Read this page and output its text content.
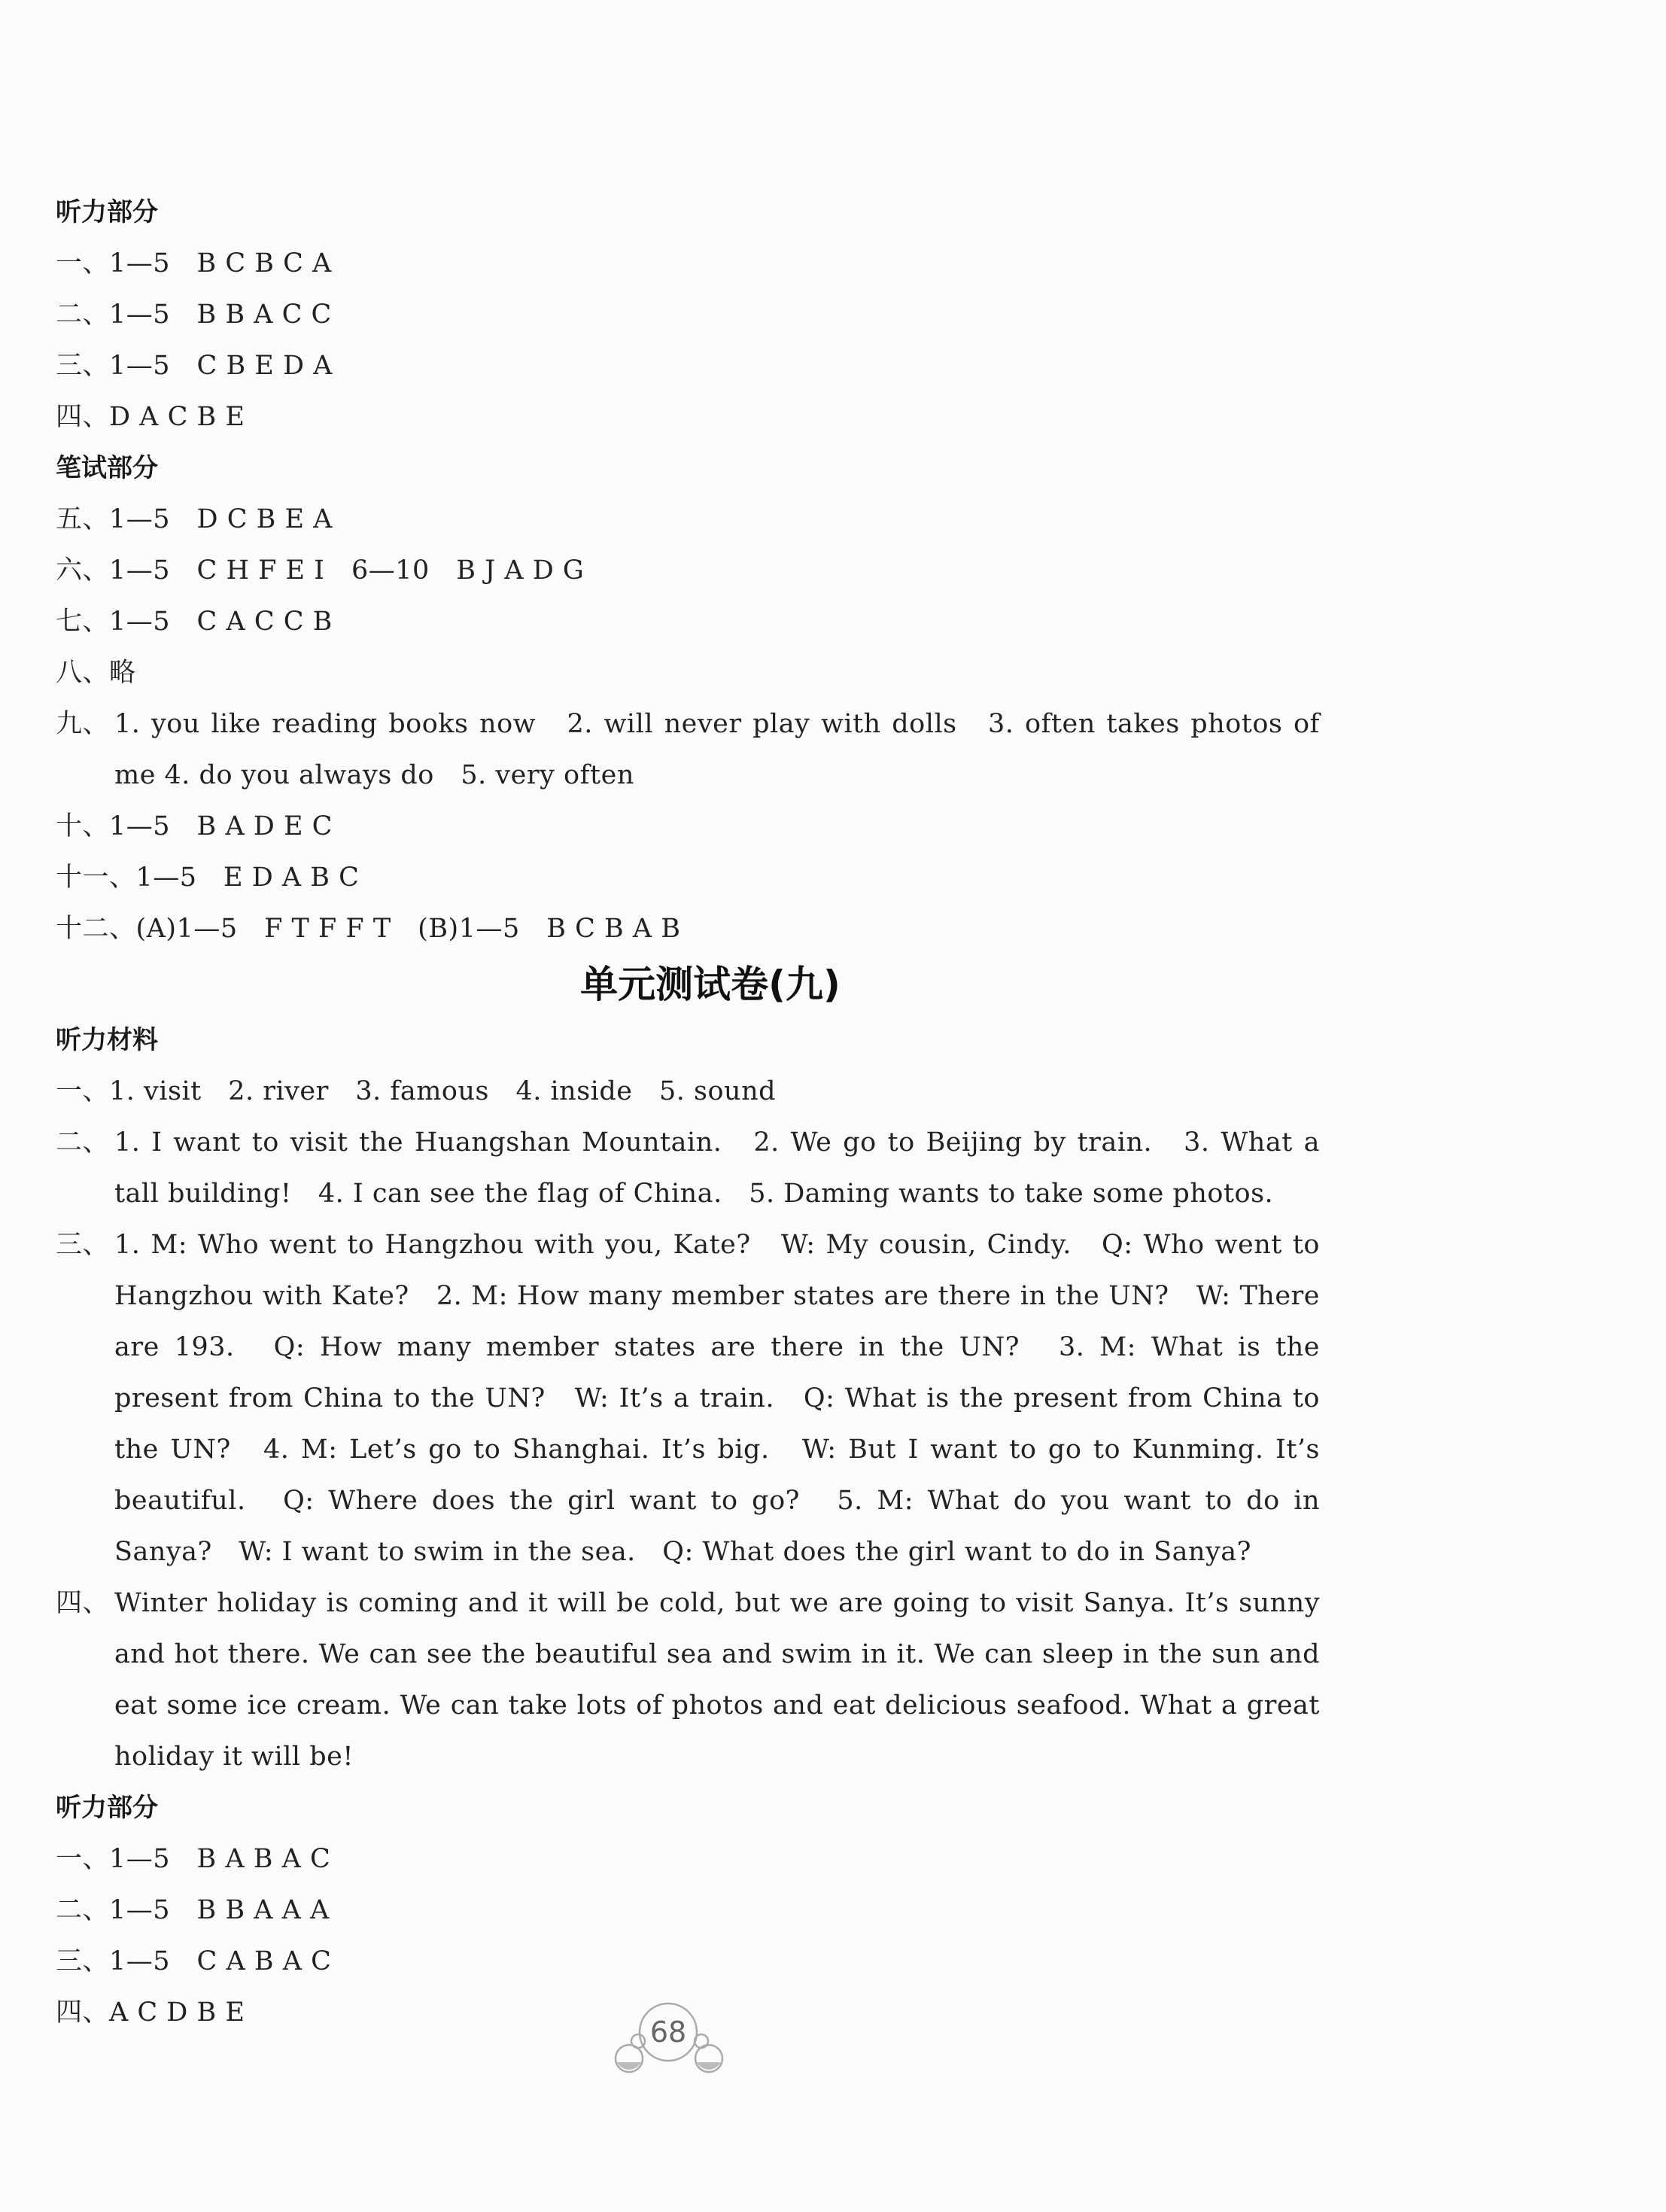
听力部分
一、1—5　B C B C A
二、1—5　B B A C C
三、1—5　C B E D A
四、D A C B E
笔试部分
五、1—5　D C B E A
六、1—5　C H F E I　6—10　B J A D G
七、1—5　C A C C B
八、略
九、 1. you like reading books now　2. will never play with dolls　3. often takes photos of me 4. do you always do　5. very often
十、1—5　B A D E C
十一、1—5　E D A B C
十二、(A)1—5　F T F F T　(B)1—5　B C B A B
单元测试卷(九)
听力材料
一、1. visit　2. river　3. famous　4. inside　5. sound
二、 1. I want to visit the Huangshan Mountain.　2. We go to Beijing by train.　3. What a tall building!　4. I can see the flag of China.　5. Daming wants to take some photos.
三、 1. M: Who went to Hangzhou with you, Kate?　W: My cousin, Cindy.　Q: Who went to Hangzhou with Kate?　2. M: How many member states are there in the UN?　W: There are 193.　Q: How many member states are there in the UN?　3. M: What is the present from China to the UN?　W: It’s a train.　Q: What is the present from China to the UN?　4. M: Let’s go to Shanghai. It’s big.　W: But I want to go to Kunming. It’s beautiful.　Q: Where does the girl want to go?　5. M: What do you want to do in Sanya?　W: I want to swim in the sea.　Q: What does the girl want to do in Sanya?
四、 Winter holiday is coming and it will be cold, but we are going to visit Sanya. It’s sunny and hot there. We can see the beautiful sea and swim in it. We can sleep in the sun and eat some ice cream. We can take lots of photos and eat delicious seafood. What a great holiday it will be!
听力部分
一、1—5　B A B A C
二、1—5　B B A A A
三、1—5　C A B A C
四、A C D B E
68
